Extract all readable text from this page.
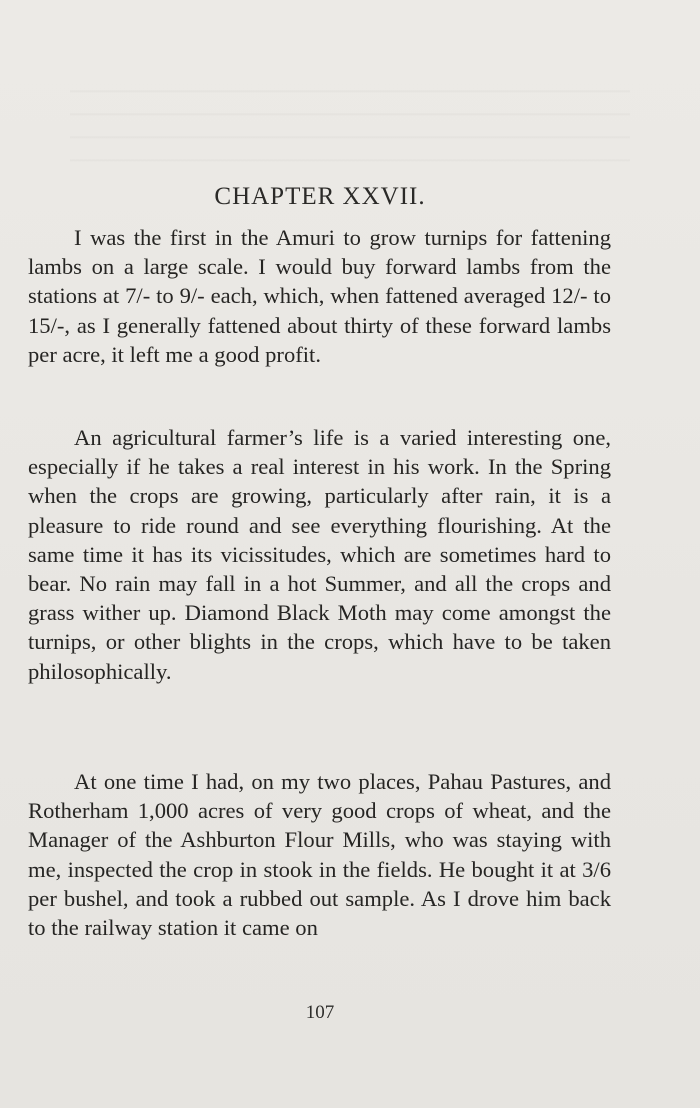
CHAPTER XXVII.

I was the first in the Amuri to grow turnips for fattening lambs on a large scale. I would buy forward lambs from the stations at 7/- to 9/- each, which, when fattened averaged 12/- to 15/-, as I generally fattened about thirty of these forward lambs per acre, it left me a good profit.

An agricultural farmer’s life is a varied interesting one, especially if he takes a real interest in his work. In the Spring when the crops are growing, particularly after rain, it is a pleasure to ride round and see everything flourishing. At the same time it has its vicissitudes, which are sometimes hard to bear. No rain may fall in a hot Summer, and all the crops and grass wither up. Diamond Black Moth may come amongst the turnips, or other blights in the crops, which have to be taken philosophically.

At one time I had, on my two places, Pahau Pastures, and Rotherham 1,000 acres of very good crops of wheat, and the Manager of the Ashburton Flour Mills, who was staying with me, inspected the crop in stook in the fields. He bought it at 3/6 per bushel, and took a rubbed out sample. As I drove him back to the railway station it came on

107
